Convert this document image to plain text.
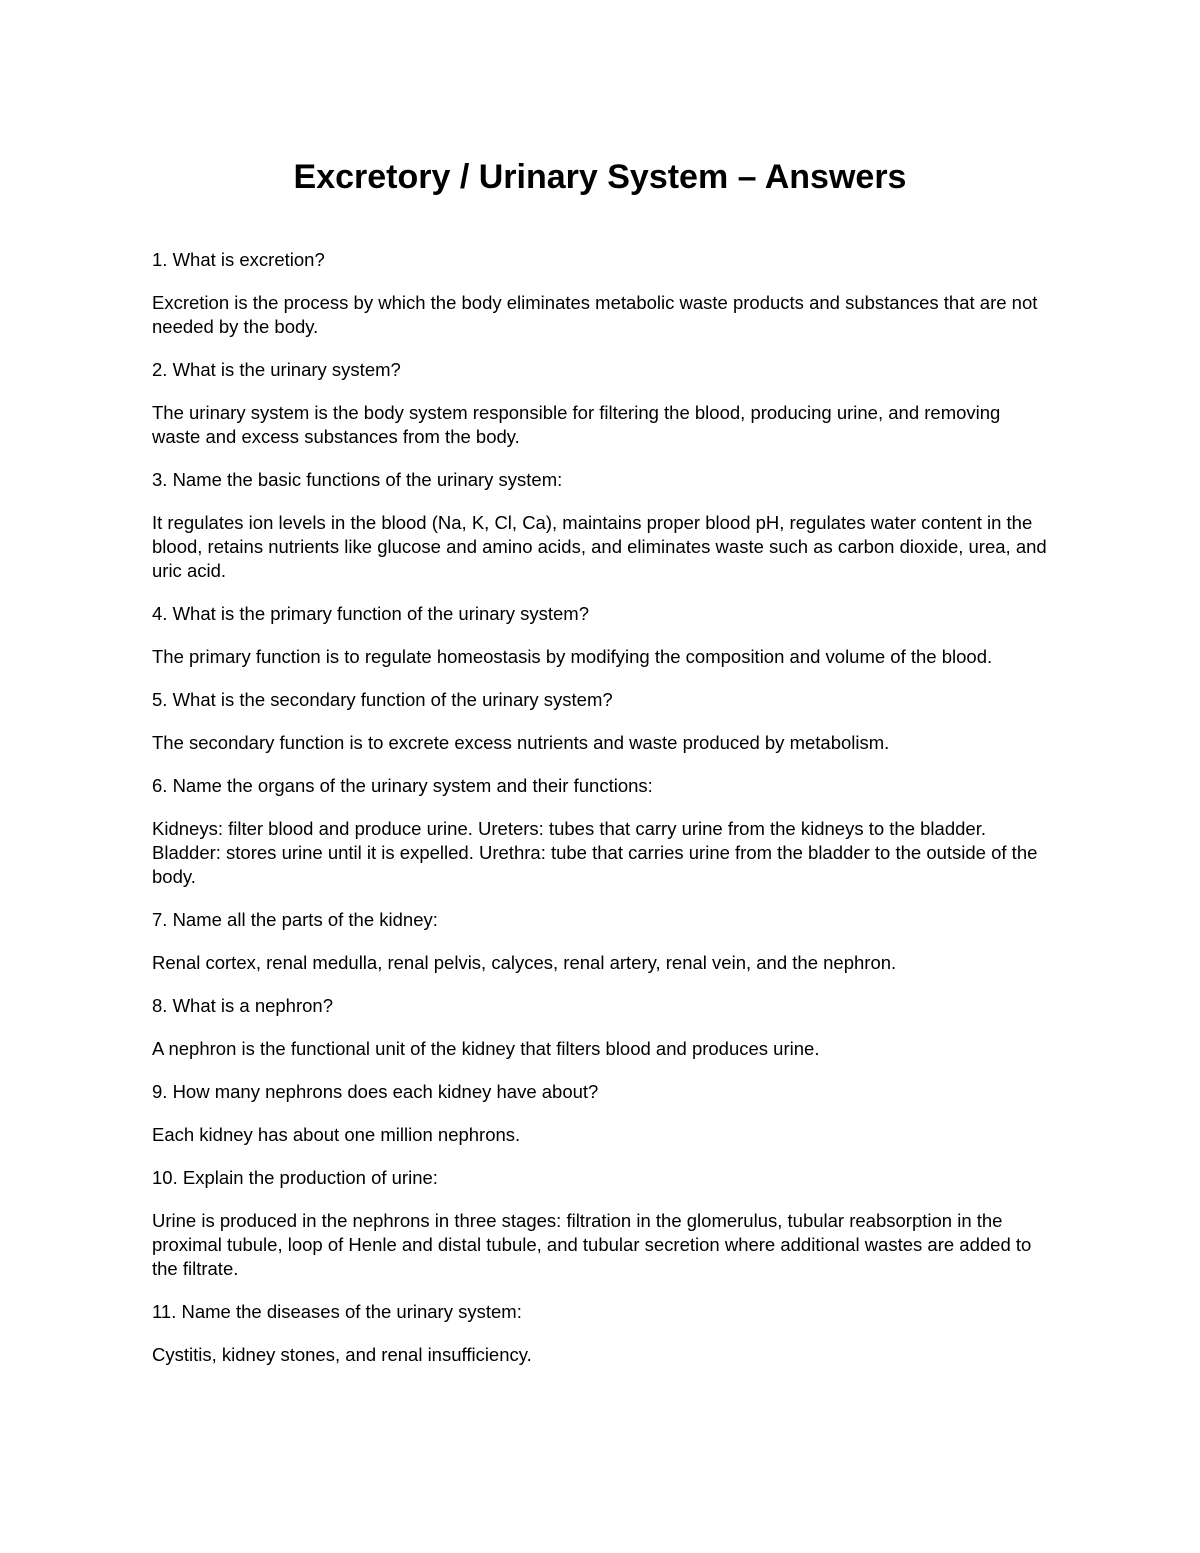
Excretory / Urinary System – Answers

1. What is excretion?

Excretion is the process by which the body eliminates metabolic waste products and substances that are not needed by the body.

2. What is the urinary system?

The urinary system is the body system responsible for filtering the blood, producing urine, and removing waste and excess substances from the body.

3. Name the basic functions of the urinary system:

It regulates ion levels in the blood (Na, K, Cl, Ca), maintains proper blood pH, regulates water content in the blood, retains nutrients like glucose and amino acids, and eliminates waste such as carbon dioxide, urea, and uric acid.

4. What is the primary function of the urinary system?

The primary function is to regulate homeostasis by modifying the composition and volume of the blood.

5. What is the secondary function of the urinary system?

The secondary function is to excrete excess nutrients and waste produced by metabolism.

6. Name the organs of the urinary system and their functions:

Kidneys: filter blood and produce urine. Ureters: tubes that carry urine from the kidneys to the bladder. Bladder: stores urine until it is expelled. Urethra: tube that carries urine from the bladder to the outside of the body.

7. Name all the parts of the kidney:

Renal cortex, renal medulla, renal pelvis, calyces, renal artery, renal vein, and the nephron.

8. What is a nephron?

A nephron is the functional unit of the kidney that filters blood and produces urine.

9. How many nephrons does each kidney have about?

Each kidney has about one million nephrons.

10. Explain the production of urine:

Urine is produced in the nephrons in three stages: filtration in the glomerulus, tubular reabsorption in the proximal tubule, loop of Henle and distal tubule, and tubular secretion where additional wastes are added to the filtrate.

11. Name the diseases of the urinary system:

Cystitis, kidney stones, and renal insufficiency.
